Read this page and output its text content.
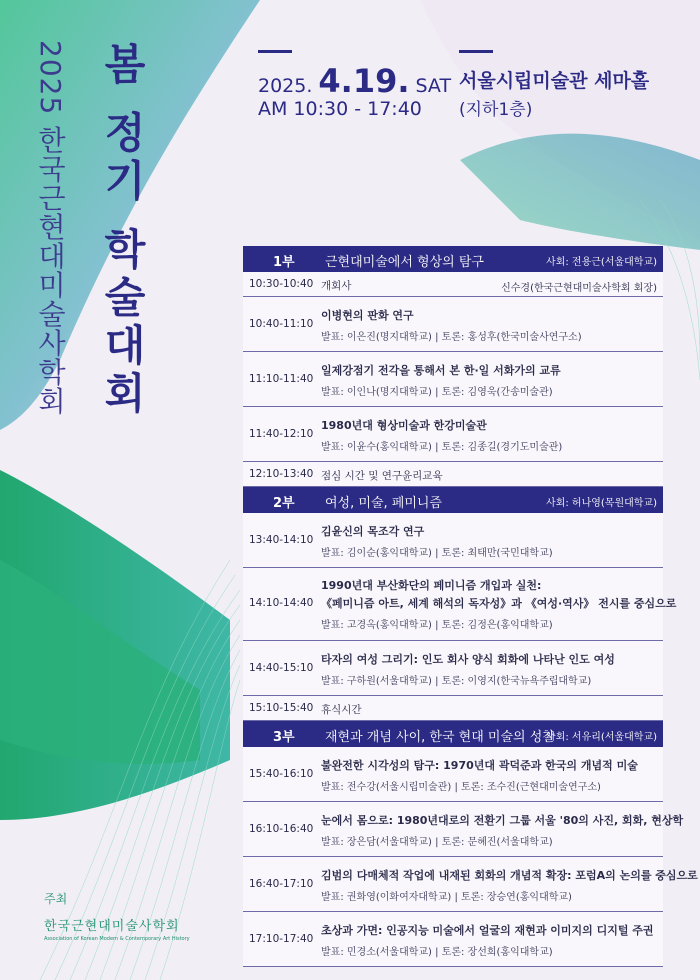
2025 한국근현대미술사학회 봄 정기 학술대회	2025. 4.19. SAT
AM 10:30 - 17:40
서울시립미술관 세마홀
(지하1층)
1부 근현대미술에서 형상의 탐구	사회: 전용근(서울대학교)
10:30-10:40 개회사	신수경(한국근현대미술사학회 회장)
10:40-11:10
이병현의 판화 연구
발표: 이은진(명지대학교) | 토론: 홍성후(한국미술사연구소)
11:10-11:40
일제강점기 전각을 통해서 본 한·일 서화가의 교류
발표: 이인나(명지대학교) | 토론: 김영욱(간송미술관)
11:40-12:10
1980년대 형상미술과 한강미술관
발표: 이윤수(홍익대학교) | 토론: 김종길(경기도미술관)
12:10-13:40 점심 시간 및 연구윤리교육
2부 여성, 미술, 페미니즘	사회: 허나영(목원대학교)
13:40-14:10
김윤신의 목조각 연구
발표: 김이순(홍익대학교) | 토론: 최태만(국민대학교)
14:10-14:40
1990년대 부산화단의 페미니즘 개입과 실천:
《페미니즘 아트, 세계 해석의 독자성》과 《여성·역사》 전시를 중심으로
발표: 고경옥(홍익대학교) | 토론: 김정은(홍익대학교)
14:40-15:10
타자의 여성 그리기: 인도 회사 양식 회화에 나타난 인도 여성
발표: 구하원(서울대학교) | 토론: 이영지(한국뉴욕주립대학교)
15:10-15:40 휴식시간
3부 재현과 개념 사이, 한국 현대 미술의 성찰
사회: 서유리(서울대학교)
15:40-16:10
불완전한 시각성의 탐구: 1970년대 곽덕준과 한국의 개념적 미술
발표: 전수강(서울시립미술관) | 토론: 조수진(근현대미술연구소)
16:10-16:40
눈에서 몸으로: 1980년대로의 전환기 그룹 서울 '80의 사진, 회화, 현상학
발표: 장은담(서울대학교) | 토론: 문혜진(서울대학교)
16:40-17:10
김범의 다매체적 작업에 내재된 회화의 개념적 확장: 포럼A의 논의를 중심으로
발표: 권화영(이화여자대학교) | 토론: 장승연(홍익대학교)
17:10-17:40
초상과 가면: 인공지능 미술에서 얼굴의 재현과 이미지의 디지털 주권
발표: 민경소(서울대학교) | 토론: 장선희(홍익대학교)
주최
한국근현대미술사학회
Association of Korean Modern & Contemporary Art History
